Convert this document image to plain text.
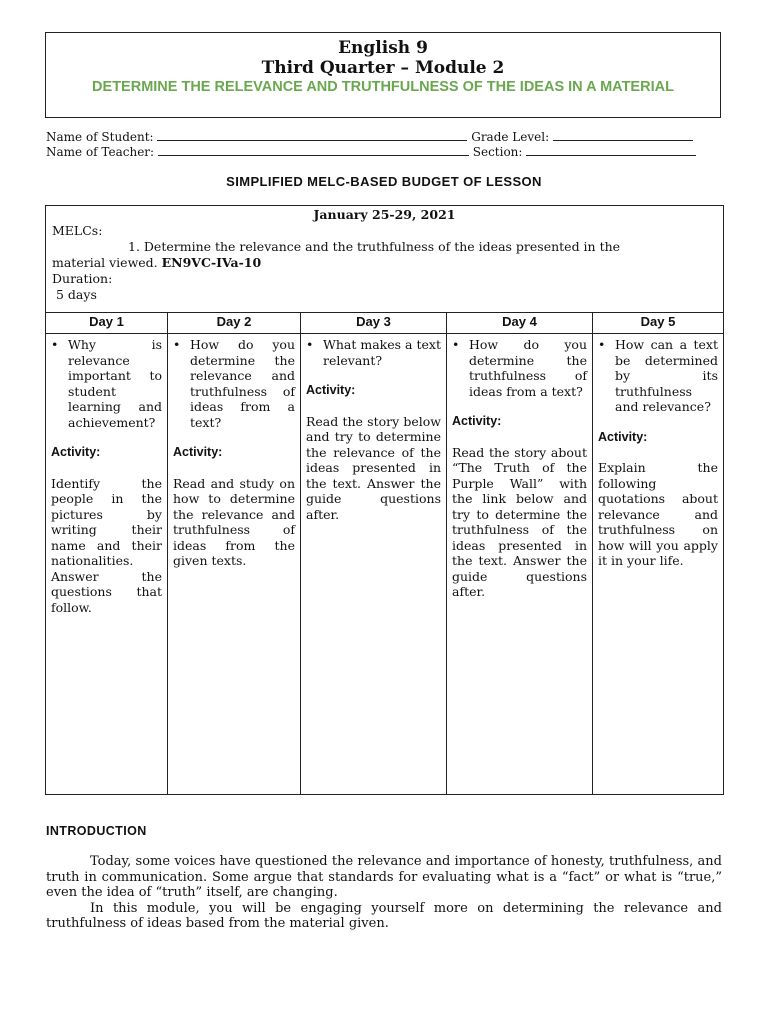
English 9
Third Quarter – Module 2
DETERMINE THE RELEVANCE AND TRUTHFULNESS OF THE IDEAS IN A MATERIAL
Name of Student:	Grade Level:
Name of Teacher:	Section:
SIMPLIFIED MELC-BASED BUDGET OF LESSON
January 25-29, 2021
MELCs:
1. Determine the relevance and the truthfulness of the ideas presented in the
material viewed. EN9VC-IVa-10
Duration:
5 days
Day 1
• Why is relevance important to student learning and achievement?
Activity:
Identify the people in the pictures by writing their name and their nationalities. Answer the questions that follow.
Day 2
• How do you determine the relevance and truthfulness of ideas from a text?
Activity:
Read and study on how to determine the relevance and truthfulness of ideas from the given texts.
Day 3
• What makes a text relevant?
Activity:
Read the story below and try to determine the relevance of the ideas presented in the text. Answer the guide questions after.
Day 4
• How do you determine the truthfulness of ideas from a text?
Activity:
Read the story about “The Truth of the Purple Wall” with the link below and try to determine the truthfulness of the ideas presented in the text. Answer the guide questions after.
Day 5
• How can a text be determined by its truthfulness and relevance?
Activity:
Explain the following quotations about relevance and truthfulness on how will you apply it in your life.
INTRODUCTION

Today, some voices have questioned the relevance and importance of honesty, truthfulness, and truth in communication. Some argue that standards for evaluating what is a “fact” or what is “true,” even the idea of “truth” itself, are changing.

In this module, you will be engaging yourself more on determining the relevance and truthfulness of ideas based from the material given.
